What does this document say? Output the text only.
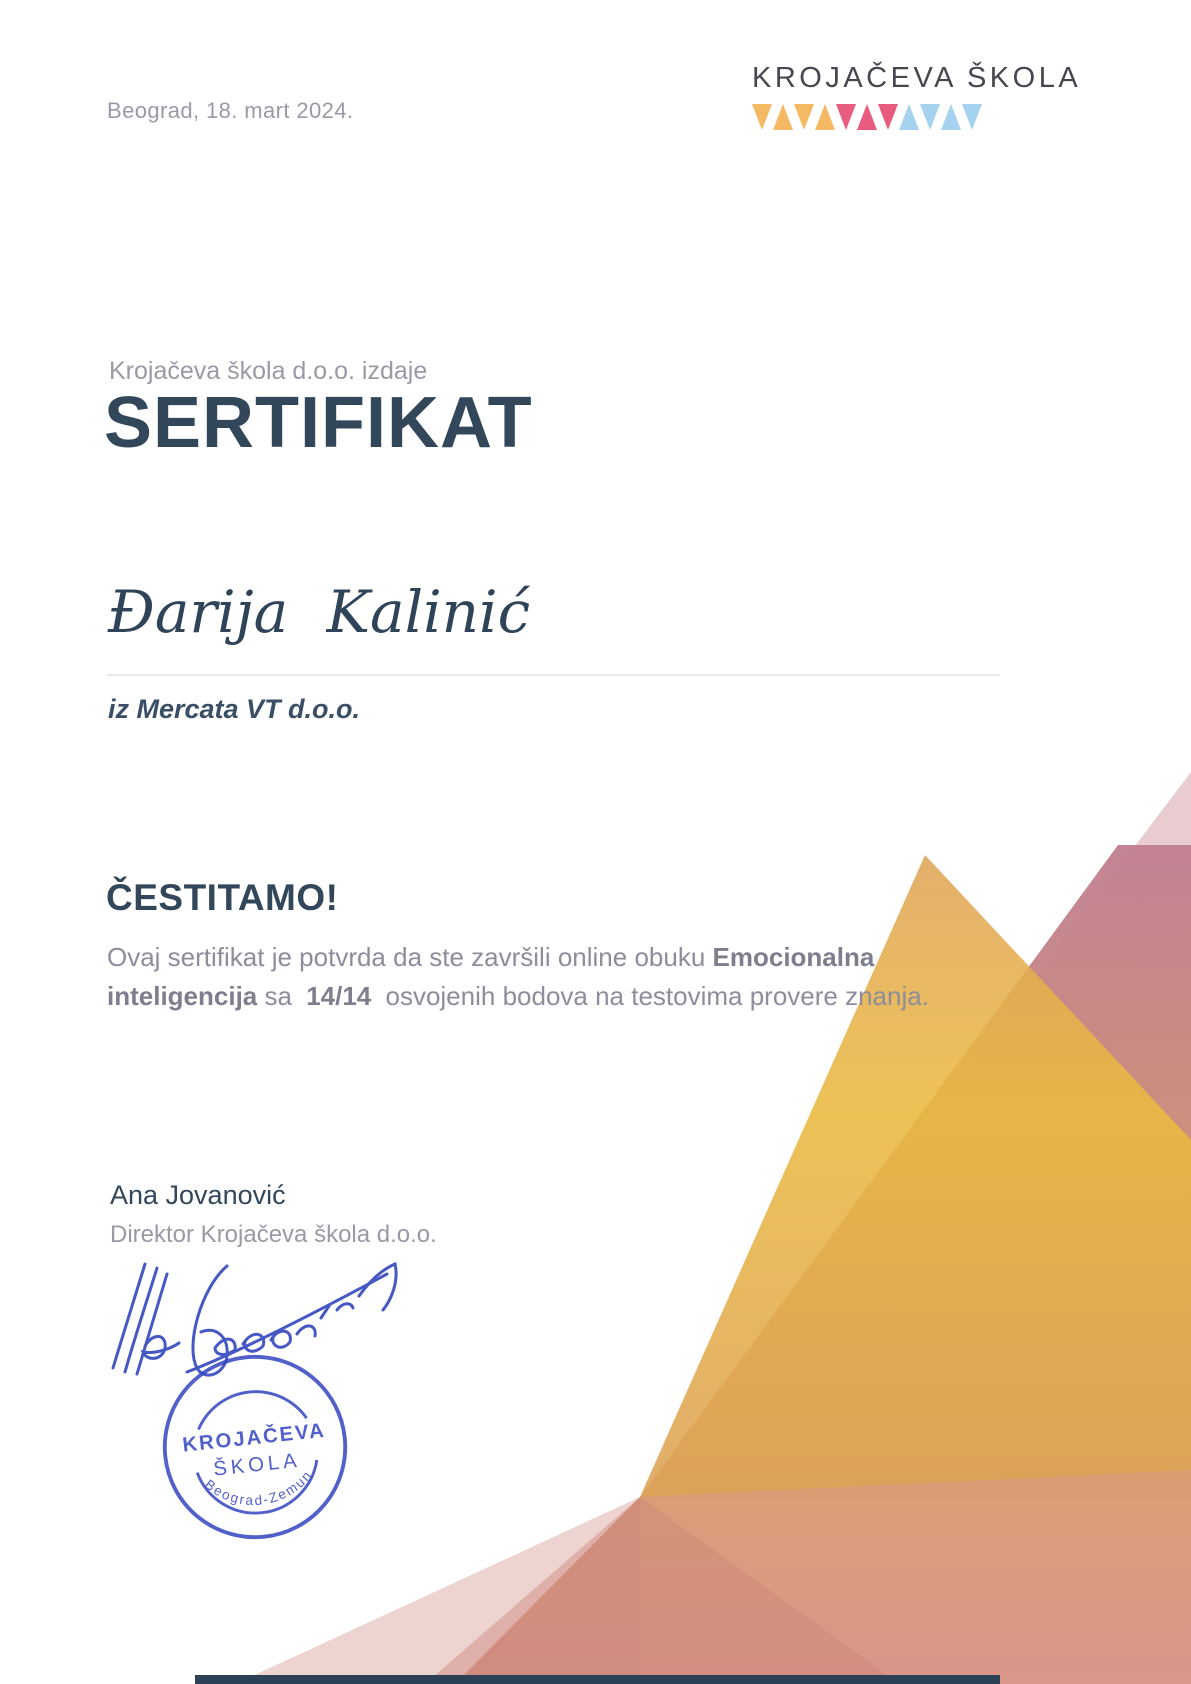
Beograd, 18. mart 2024.
KROJAČEVA ŠKOLA
Krojačeva škola d.o.o. izdaje
SERTIFIKAT
Đarija Kalinić
iz Mercata VT d.o.o.
ČESTITAMO!
Ovaj sertifikat je potvrda da ste završili online obuku Emocionalna inteligencija sa 14/14 osvojenih bodova na testovima provere znanja.
Ana Jovanović
Direktor Krojačeva škola d.o.o.
KROJAČEVA
ŠKOLA
Beograd-Zemun
